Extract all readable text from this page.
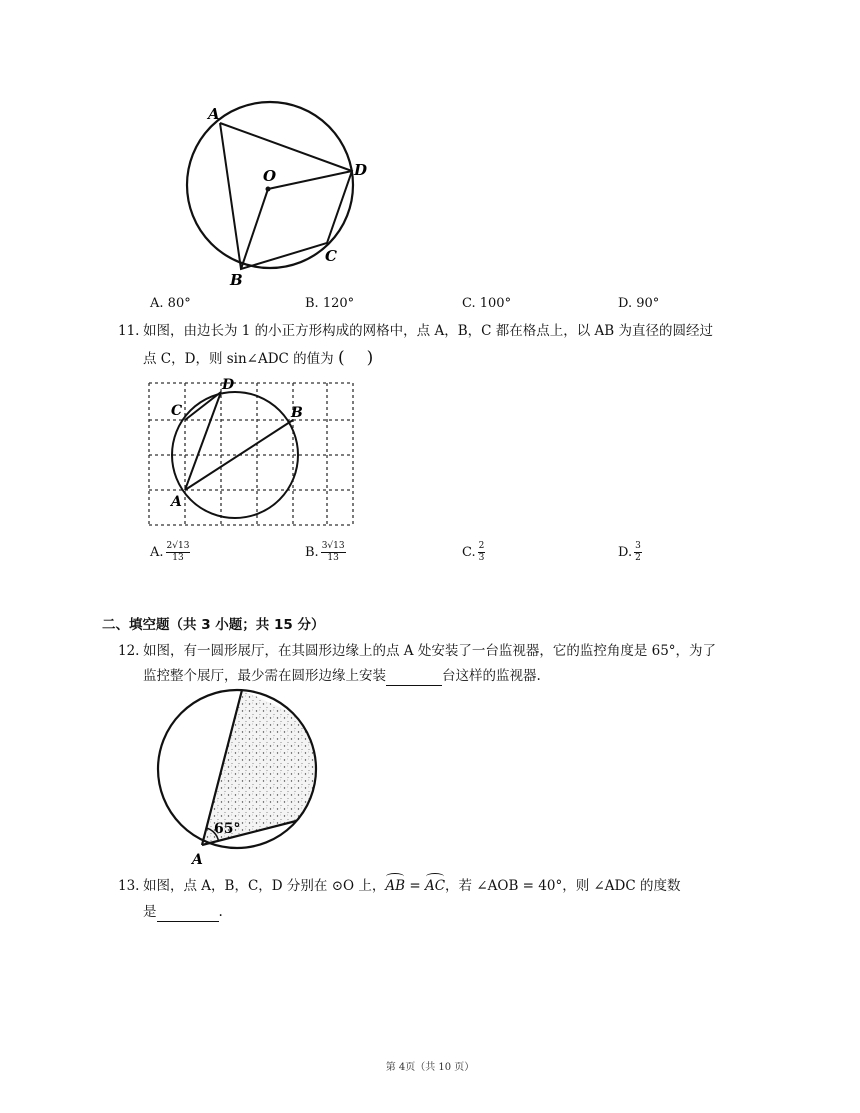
A
O	D
C
B
A. 80°	B. 120°	C. 100°	D. 90°
11. 如图，由边长为 1 的小正方形构成的网格中，点 A，B，C 都在格点上，以 AB 为直径的圆经过
点 C，D，则 sin∠ADC 的值为 ( )
D
C	B
A
A. $\frac{2√13}{13}$	B. $\frac{3√13}{13}$	C. $\frac{2}{3}$	D. $\frac{3}{2}$
二、填空题（共 3 小题；共 15 分）
12. 如图，有一圆形展厅，在其圆形边缘上的点 A 处安装了一台监视器，它的监控角度是 65°，为了
监控整个展厅，最少需在圆形边缘上安装	台这样的监视器.
65°
A
13. 如图，点 A，B，C，D 分别在 ⊙O 上，AB = AC，若 ∠AOB = 40°，则 ∠ADC 的度数
是	.
第 4页（共 10 页）
